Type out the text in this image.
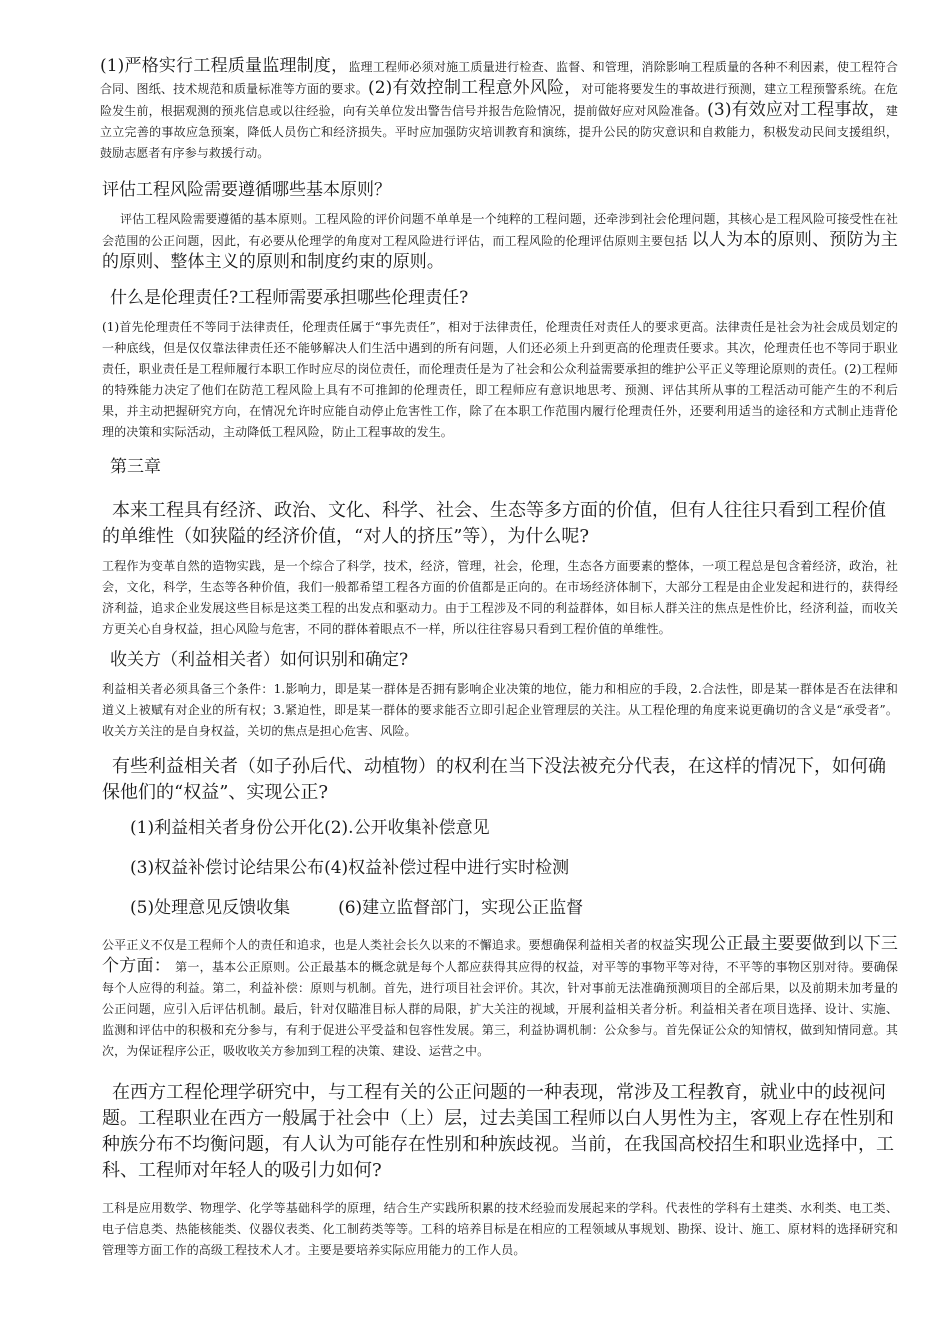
(1)严格实行工程质量监理制度，监理工程师必须对施工质量进行检查、监督、和管理，消除影响工程质量的各种不利因素，使工程符合合同、图纸、技术规范和质量标准等方面的要求。(2)有效控制工程意外风险，对可能将要发生的事故进行预测，建立工程预警系统。在危险发生前，根据观测的预兆信息或以往经验，向有关单位发出警告信号并报告危险情况，提前做好应对风险准备。(3)有效应对工程事故，建立立完善的事故应急预案，降低人员伤亡和经济损失。平时应加强防灾培训教育和演练，提升公民的防灾意识和自救能力，积极发动民间支援组织，鼓励志愿者有序参与救援行动。

评估工程风险需要遵循哪些基本原则？

评估工程风险需要遵循的基本原则。工程风险的评价问题不单单是一个纯粹的工程问题，还牵涉到社会伦理问题，其核心是工程风险可接受性在社会范围的公正问题，因此，有必要从伦理学的角度对工程风险进行评估，而工程风险的伦理评估原则主要包括 以人为本的原则、预防为主的原则、整体主义的原则和制度约束的原则。

什么是伦理责任?工程师需要承担哪些伦理责任?

(1)首先伦理责任不等同于法律责任，伦理责任属于“事先责任”，相对于法律责任，伦理责任对责任人的要求更高。法律责任是社会为社会成员划定的一种底线，但是仅仅靠法律责任还不能够解决人们生活中遇到的所有问题，人们还必须上升到更高的伦理责任要求。其次，伦理责任也不等同于职业责任，职业责任是工程师履行本职工作时应尽的岗位责任，而伦理责任是为了社会和公众利益需要承担的维护公平正义等理论原则的责任。(2)工程师的特殊能力决定了他们在防范工程风险上具有不可推卸的伦理责任，即工程师应有意识地思考、预测、评估其所从事的工程活动可能产生的不利后果，并主动把握研究方向，在情况允许时应能自动停止危害性工作，除了在本职工作范围内履行伦理责任外，还要利用适当的途径和方式制止违背伦理的决策和实际活动，主动降低工程风险，防止工程事故的发生。

第三章
本来工程具有经济、政治、文化、科学、社会、生态等多方面的价值，但有人往往只看到工程价值的单维性（如狭隘的经济价值，“对人的挤压”等），为什么呢?

工程作为变革自然的造物实践，是一个综合了科学，技术，经济，管理，社会，伦理，生态各方面要素的整体，一项工程总是包含着经济，政治，社会，文化，科学，生态等各种价值，我们一般都希望工程各方面的价值都是正向的。在市场经济体制下，大部分工程是由企业发起和进行的，获得经济利益，追求企业发展这些目标是这类工程的出发点和驱动力。由于工程涉及不同的利益群体，如目标人群关注的焦点是性价比，经济利益，而收关方更关心自身权益，担心风险与危害，不同的群体着眼点不一样，所以往往容易只看到工程价值的单维性。

收关方（利益相关者）如何识别和确定?

利益相关者必须具备三个条件：1.影响力，即是某一群体是否拥有影响企业决策的地位，能力和相应的手段，2.合法性，即是某一群体是否在法律和道义上被赋有对企业的所有权；3.紧迫性，即是某一群体的要求能否立即引起企业管理层的关注。从工程伦理的角度来说更确切的含义是“承受者”。收关方关注的是自身权益，关切的焦点是担心危害、风险。

有些利益相关者（如子孙后代、动植物）的权利在当下没法被充分代表，在这样的情况下，如何确保他们的“权益”、实现公正?

(1)利益相关者身份公开化(2).公开收集补偿意见

(3)权益补偿讨论结果公布(4)权益补偿过程中进行实时检测

(5)处理意见反馈收集	(6)建立监督部门，实现公正监督

公平正义不仅是工程师个人的责任和追求，也是人类社会长久以来的不懈追求。要想确保利益相关者的权益实现公正最主要要做到以下三个方面： 第一，基本公正原则。公正最基本的概念就是每个人都应获得其应得的权益，对平等的事物平等对待，不平等的事物区别对待。要确保每个人应得的利益。第二，利益补偿：原则与机制。首先，进行项目社会评价。其次，针对事前无法准确预测项目的全部后果，以及前期未加考量的公正问题，应引入后评估机制。最后，针对仅瞄准目标人群的局限，扩大关注的视域，开展利益相关者分析。利益相关者在项目选择、设计、实施、监测和评估中的积极和充分参与，有利于促进公平受益和包容性发展。第三，利益协调机制：公众参与。首先保证公众的知情权，做到知情同意。其次，为保证程序公正，吸收收关方参加到工程的决策、建设、运营之中。

在西方工程伦理学研究中，与工程有关的公正问题的一种表现，常涉及工程教育，就业中的歧视问题。工程职业在西方一般属于社会中（上）层，过去美国工程师以白人男性为主，客观上存在性别和种族分布不均衡问题，有人认为可能存在性别和种族歧视。当前，在我国高校招生和职业选择中，工科、工程师对年轻人的吸引力如何?

工科是应用数学、物理学、化学等基础科学的原理，结合生产实践所积累的技术经验而发展起来的学科。代表性的学科有土建类、水利类、电工类、电子信息类、热能核能类、仪器仪表类、化工制药类等等。工科的培养目标是在相应的工程领域从事规划、勘探、设计、施工、原材料的选择研究和管理等方面工作的高级工程技术人才。主要是要培养实际应用能力的工作人员。
